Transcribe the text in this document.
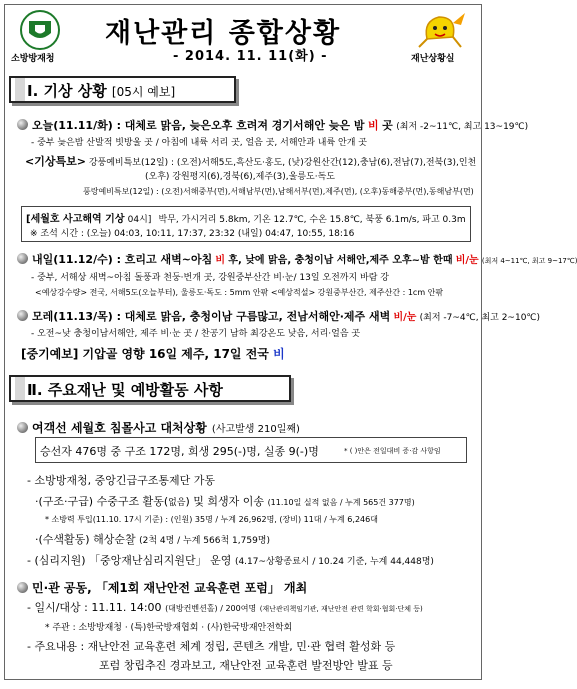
소방방재청
재난관리 종합상황
- 2014. 11. 11(화) -	재난상황실
Ⅰ. 기상 상황 [05시 예보]
오늘(11.11/화) : 대체로 맑음, 늦은오후 흐려져 경기서해안 늦은 밤 비 곳 (최저 -2~11℃, 최고 13~19℃)
- 중부 늦은밤 산발적 빗방울 곳 / 아침에 내륙 서리 곳, 얼음 곳, 서해안과 내륙 안개 곳
<기상특보> 강풍예비특보(12일) : (오전)서해5도,흑산도·홍도, (낮)강원산간(12),충남(6),전남(7),전북(3),인천
(오후) 강원평지(6),경북(6),제주(3),울릉도·독도
풍랑예비특보(12일) : (오전)서해중부(먼),서해남부(먼),남해서부(먼),제주(먼), (오후)동해중부(먼),동해남부(먼)
[세월호 사고해역 기상 04시] 박무, 가시거리 5.8km, 기온 12.7℃, 수온 15.8℃, 북풍 6.1m/s, 파고 0.3m
※ 조석 시간 : (오늘) 04:03, 10:11, 17:37, 23:32 (내일) 04:47, 10:55, 18:16
내일(11.12/수) : 흐리고 새벽~아침 비 후, 낮에 맑음, 충청이남 서해안,제주 오후~밤 한때 비/눈 (최저 4~11℃, 최고 9~17℃)
- 중부, 서해상 새벽~아침 돌풍과 천둥·번개 곳, 강원중부산간 비·눈/ 13일 오전까지 바람 강
<예상강수량> 전국, 서해5도(오늘부터), 울릉도·독도 : 5mm 안팎 <예상적설> 강원중부산간, 제주산간 : 1cm 안팎
모레(11.13/목) : 대체로 맑음, 충청이남 구름많고, 전남서해안·제주 새벽 비/눈 (최저 -7~4℃, 최고 2~10℃)
- 오전~낮 충청이남서해안, 제주 비·눈 곳 / 찬공기 남하 최강온도 낮음, 서리·얼음 곳
[중기예보] 기압골 영향 16일 제주, 17일 전국 비
Ⅱ. 주요재난 및 예방활동 사항
여객선 세월호 침몰사고 대처상황 (사고발생 210일째)
승선자 476명 중 구조 172명, 희생 295(-)명, 실종 9(-)명	* ( )안은 전일대비 증·감 사항임
- 소방방재청, 중앙긴급구조통제단 가동
·(구조·구급) 수중구조 활동(없음) 및 희생자 이송 (11.10일 실적 없음 / 누계 565건 377명)
* 소방력 투입(11.10. 17시 기준) : (인원) 35명 / 누계 26,962명, (장비) 11대 / 누계 6,246대
·(수색활동) 해상순찰 (2척 4명 / 누계 566척 1,759명)
- (심리지원) 「중앙재난심리지원단」 운영 (4.17~상황종료시 / 10.24 기준, 누계 44,448명)
민·관 공동, 「제1회 재난안전 교육훈련 포럼」 개최
- 일시/대상 : 11.11. 14:00 (대방컨벤션홀) / 200여명 (재난관리책임기관, 재난안전 관련 학회·협회·단체 등)
* 주관 : 소방방재청 · (특)한국방재협회 · (사)한국방재안전학회
- 주요내용 : 재난안전 교육훈련 체계 정립, 콘텐츠 개발, 민·관 협력 활성화 등
포럼 창립추진 경과보고, 재난안전 교육훈련 발전방안 발표 등
